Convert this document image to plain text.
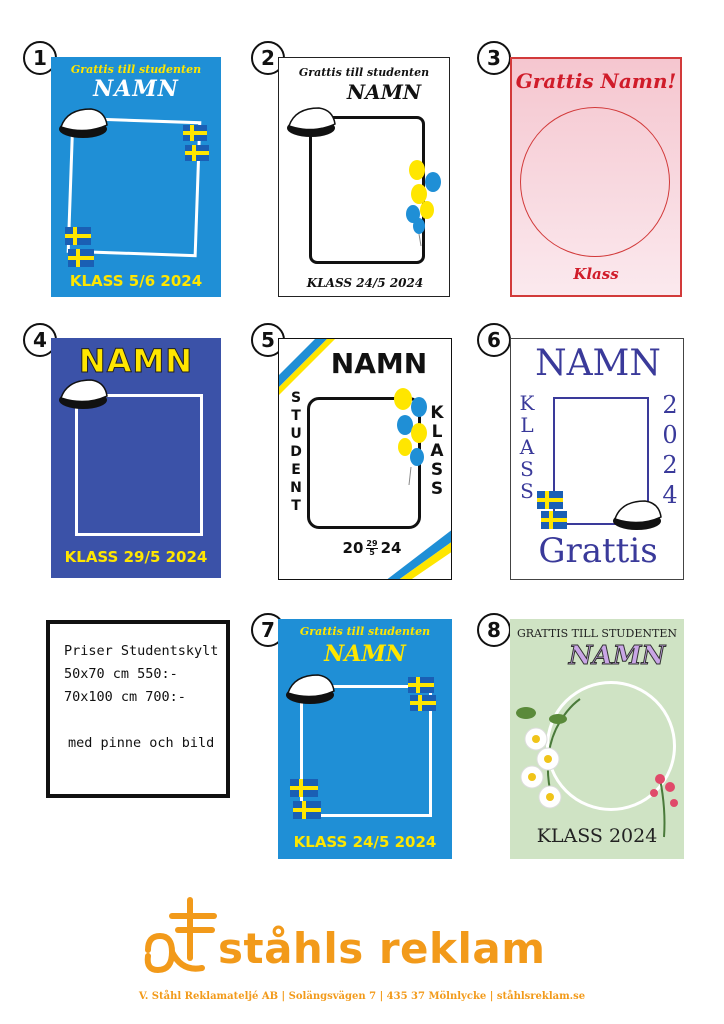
1	Grattis till studenten
NAMN
KLASS 5/6 2024
2
Grattis till studenten
NAMN
KLASS 24/5 2024
3
Grattis Namn!
Klass
4
NAMN
KLASS 29/5 2024
5
NAMN
S
T
U
D
E
N
T
K
L
A
S
S
$20 \frac{29}{5} 24$
6
NAMN
K
L
A
S
S
2
0
2
4
Grattis
Priser Studentskylt
50x70 cm 550:-
70x100 cm 700:-
med pinne och bild
7	Grattis till studenten
NAMN
KLASS 24/5 2024
8	GRATTIS TILL STUDENTEN
NAMN
KLASS 2024
ståhls reklam
V. Ståhl Reklamateljé AB | Solängsvägen 7 | 435 37 Mölnlycke | ståhlsreklam.se
